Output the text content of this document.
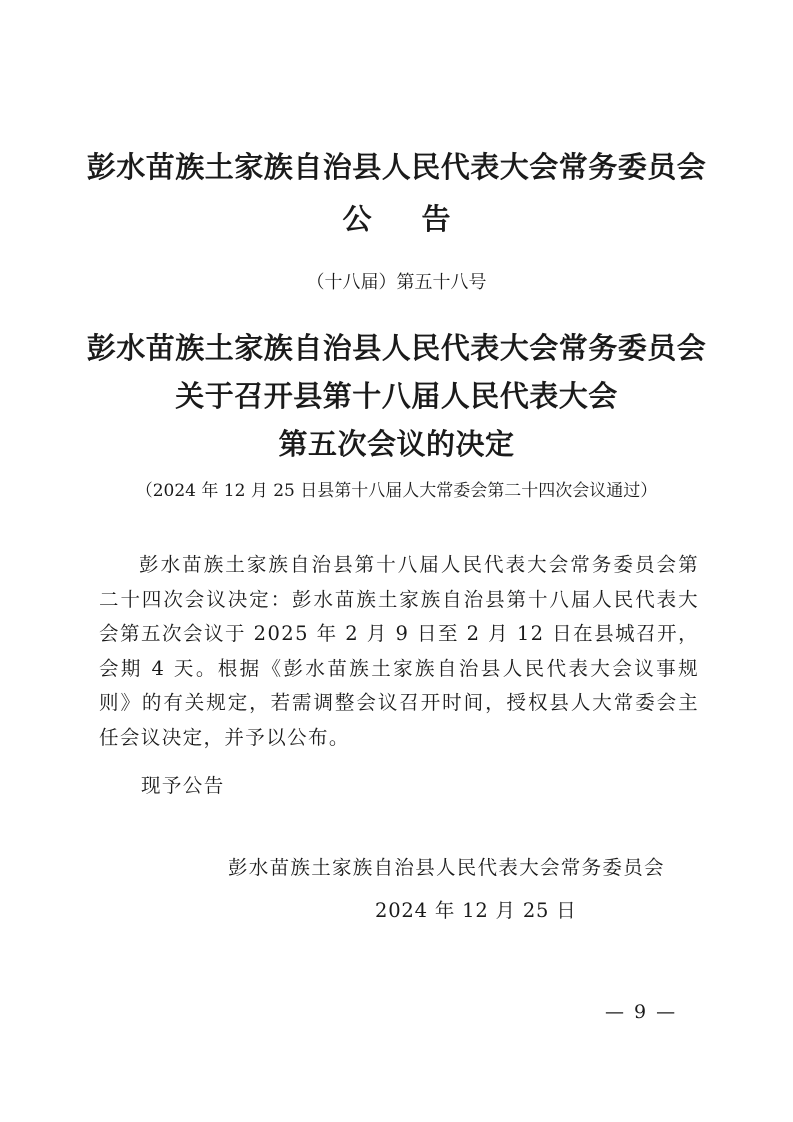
彭水苗族土家族自治县人民代表大会常务委员会
公 告
（十八届）第五十八号
彭水苗族土家族自治县人民代表大会常务委员会
关于召开县第十八届人民代表大会
第五次会议的决定
（2024 年 12 月 25 日县第十八届人大常委会第二十四次会议通过）

彭水苗族土家族自治县第十八届人民代表大会常务委员会第二十四次会议决定：彭水苗族土家族自治县第十八届人民代表大会第五次会议于 2025 年 2 月 9 日至 2 月 12 日在县城召开，会期 4 天。根据《彭水苗族土家族自治县人民代表大会议事规则》的有关规定，若需调整会议召开时间，授权县人大常委会主任会议决定，并予以公布。

现予公告

彭水苗族土家族自治县人民代表大会常务委员会
2024 年 12 月 25 日
— 9 —
